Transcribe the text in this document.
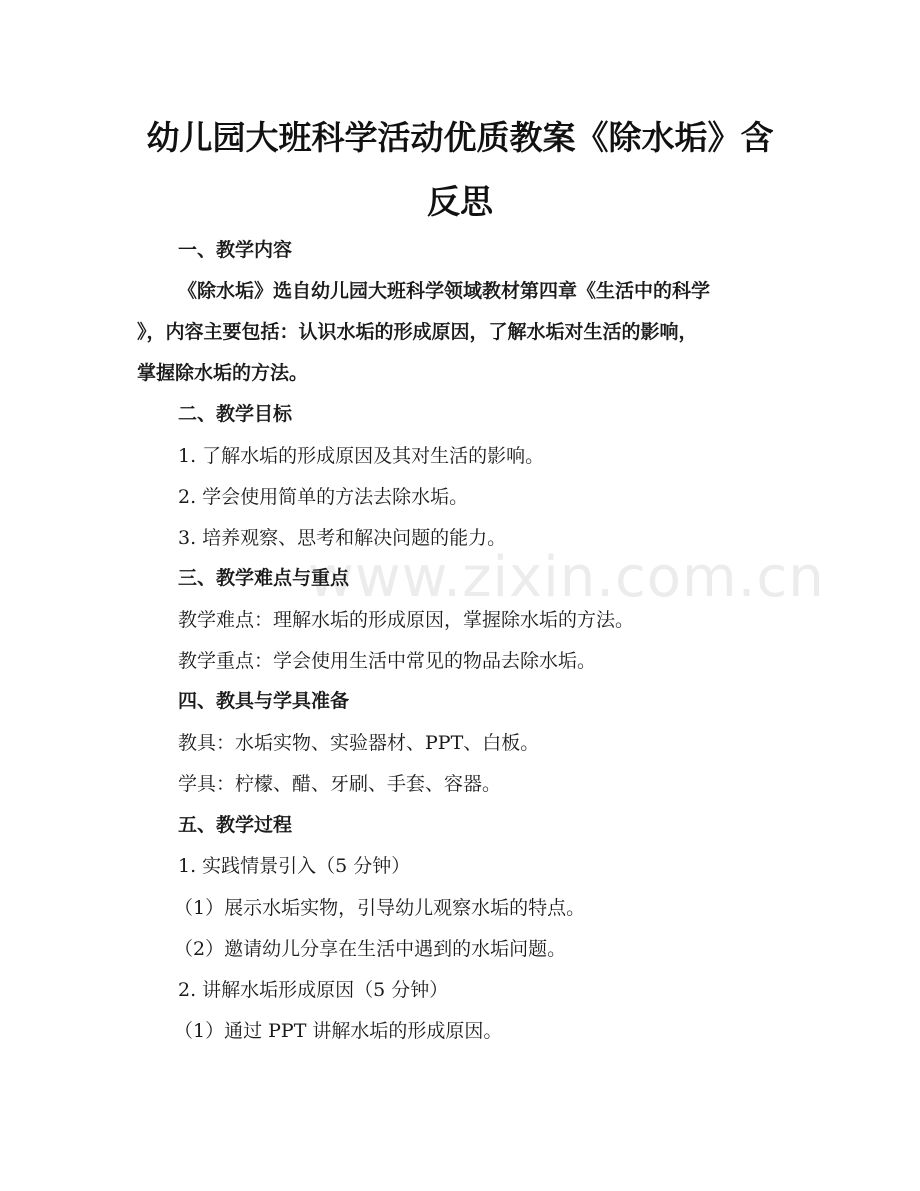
www.zixin.com.cn
幼儿园大班科学活动优质教案《除水垢》含
反思
一、教学内容
《除水垢》选自幼儿园大班科学领域教材第四章《生活中的科学
》，内容主要包括：认识水垢的形成原因，了解水垢对生活的影响，
掌握除水垢的方法。
二、教学目标
1. 了解水垢的形成原因及其对生活的影响。
2. 学会使用简单的方法去除水垢。
3. 培养观察、思考和解决问题的能力。
三、教学难点与重点
教学难点：理解水垢的形成原因，掌握除水垢的方法。
教学重点：学会使用生活中常见的物品去除水垢。
四、教具与学具准备
教具：水垢实物、实验器材、PPT、白板。
学具：柠檬、醋、牙刷、手套、容器。
五、教学过程
1. 实践情景引入（5 分钟）
（1）展示水垢实物，引导幼儿观察水垢的特点。
（2）邀请幼儿分享在生活中遇到的水垢问题。
2. 讲解水垢形成原因（5 分钟）
（1）通过 PPT 讲解水垢的形成原因。
